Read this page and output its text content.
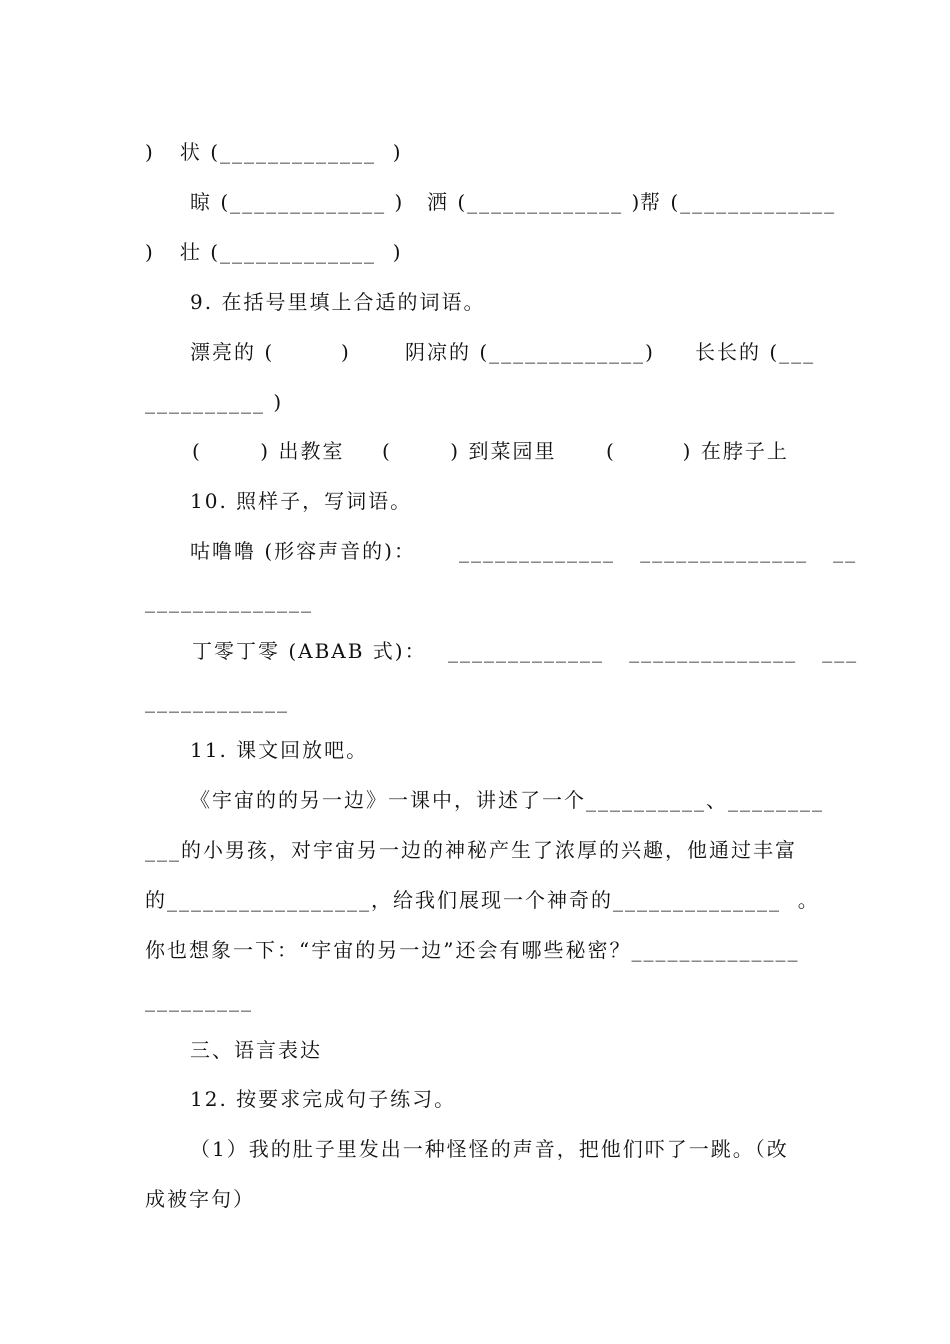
)   状 (_____________  )
晾 (_____________ ) 洒 (_____________ )
帮 (_____________
)   壮 (_____________  )
9. 在括号里填上合适的词语。
漂亮的 (        )	阴凉的 (_____________) 长长的 (___
__________ )
(       ) 出教室 (       ) 到菜园里 (        ) 在脖子上
10. 照样子，写词语。
咕噜噜 (形容声音的)： _____________   ______________   __
______________
丁零丁零 (ABAB 式)： _____________   ______________   ___
____________
11. 课文回放吧。
《宇宙的的另一边》一课中，讲述了一个__________、________
___的小男孩，对宇宙另一边的神秘产生了浓厚的兴趣，他通过丰富
的_________________，给我们展现一个神奇的______________  。
你也想象一下：“宇宙的另一边”还会有哪些秘密？______________
_________
三、语言表达
12. 按要求完成句子练习。
（1）我的肚子里发出一种怪怪的声音，把他们吓了一跳。（改
成被字句）
